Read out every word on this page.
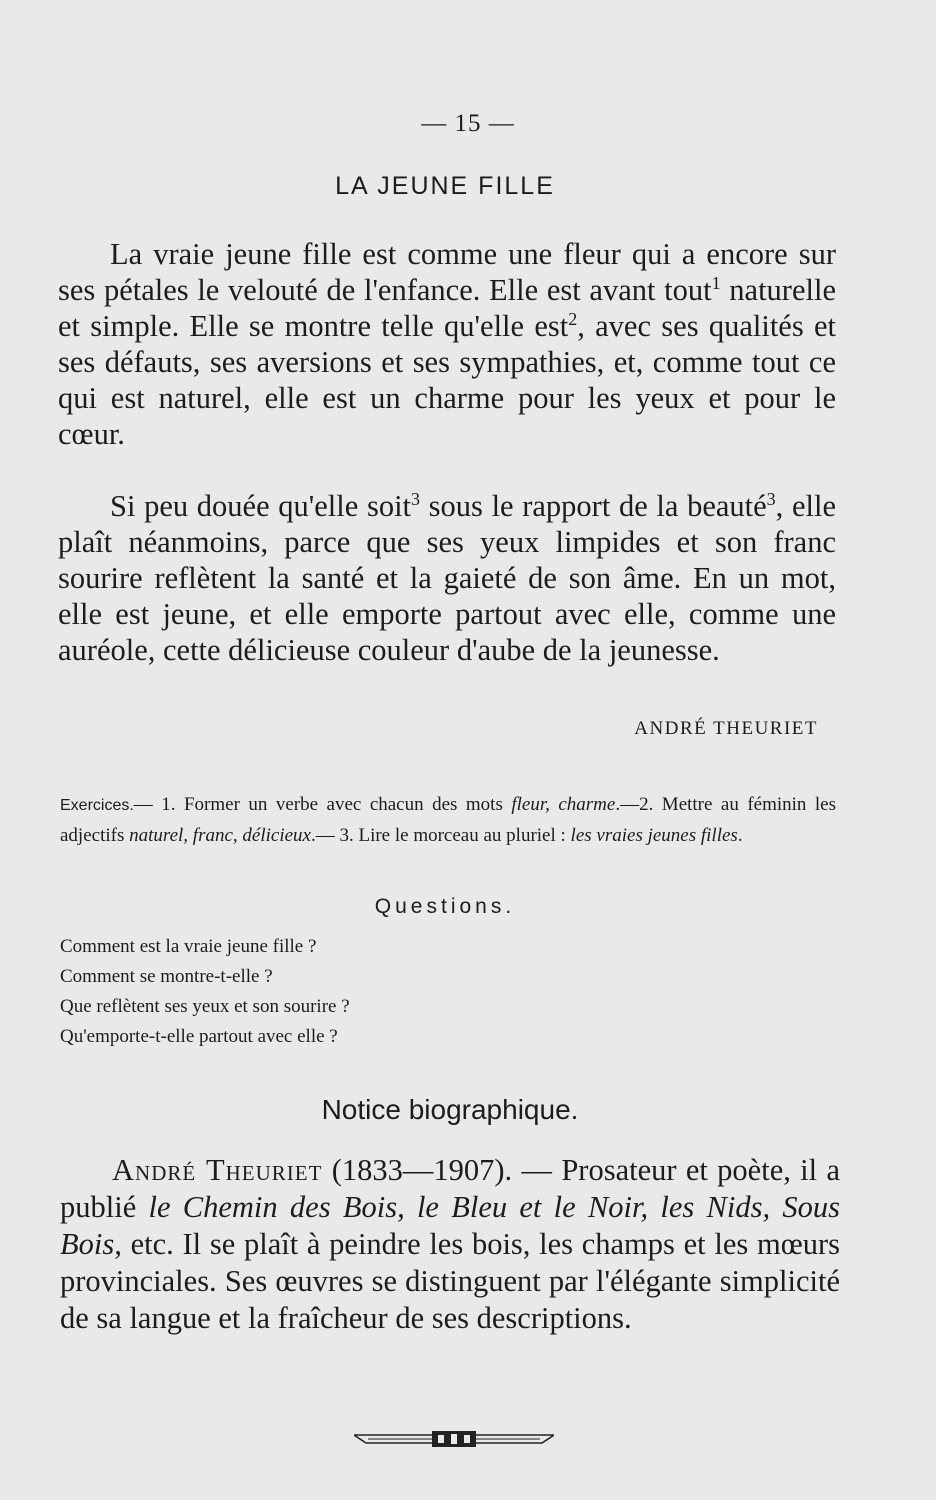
— 15 —
LA JEUNE FILLE
La vraie jeune fille est comme une fleur qui a encore sur ses pétales le velouté de l'enfance. Elle est avant tout$^1$ naturelle et simple. Elle se montre telle qu'elle est$^2$, avec ses qualités et ses défauts, ses aversions et ses sympathies, et, comme tout ce qui est naturel, elle est un charme pour les yeux et pour le cœur.
Si peu douée qu'elle soit$^3$ sous le rapport de la beauté$^3$, elle plaît néanmoins, parce que ses yeux limpides et son franc sourire reflètent la santé et la gaieté de son âme. En un mot, elle est jeune, et elle emporte partout avec elle, comme une auréole, cette délicieuse couleur d'aube de la jeunesse.
ANDRÉ THEURIET
Exercices.— 1. Former un verbe avec chacun des mots fleur, charme.—2. Mettre au féminin les adjectifs naturel, franc, délicieux.— 3. Lire le morceau au pluriel : les vraies jeunes filles.
Questions.
Comment est la vraie jeune fille ?
Comment se montre-t-elle ?
Que reflètent ses yeux et son sourire ?
Qu'emporte-t-elle partout avec elle ?
Notice biographique.
André Theuriet (1833—1907). — Prosateur et poète, il a publié le Chemin des Bois, le Bleu et le Noir, les Nids, Sous Bois, etc. Il se plaît à peindre les bois, les champs et les mœurs provinciales. Ses œuvres se distinguent par l'élégante simplicité de sa langue et la fraîcheur de ses descriptions.
